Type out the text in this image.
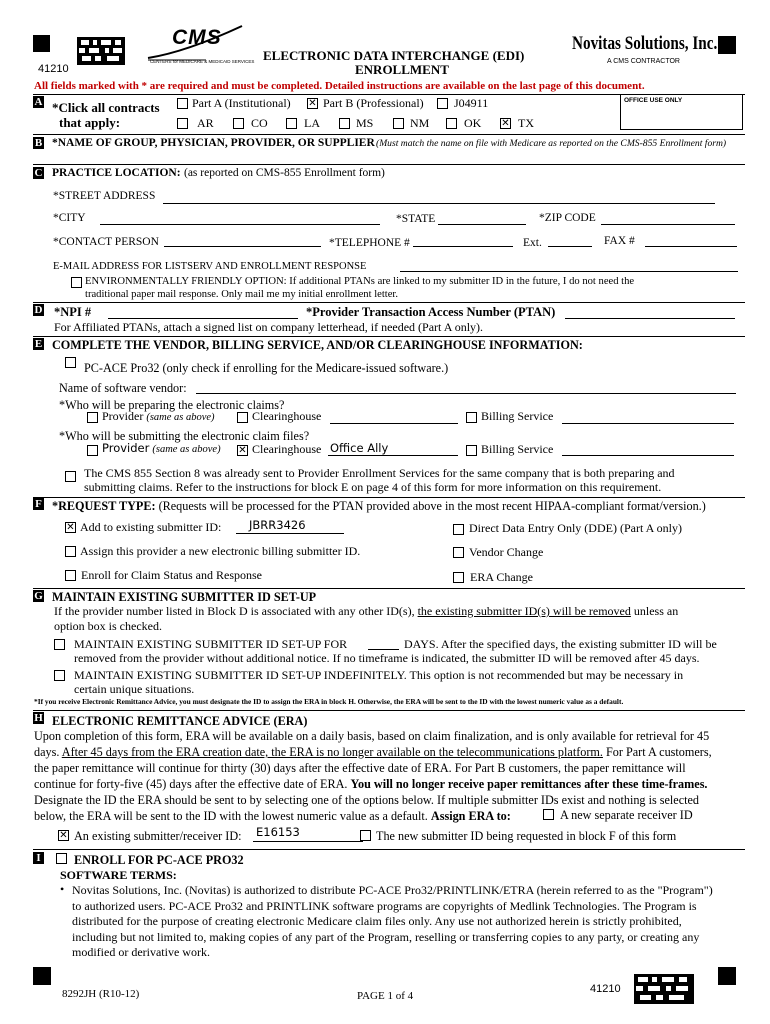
41210
CMS
CENTERS for MEDICARE & MEDICAID SERVICES ELECTRONIC DATA INTERCHANGE (EDI)
ENROLLMENT
Novitas Solutions, Inc.
A CMS CONTRACTOR
All fields marked with * are required and must be completed. Detailed instructions are available on the last page of this document.
A *Click all contracts
that apply:
Part A (Institutional) ✕ Part B (Professional)	J04911	OFFICE USE ONLY
AR	CO	LA	MS	NM	OK ✕ TX
B *NAME OF GROUP, PHYSICIAN, PROVIDER, OR SUPPLIER (Must match the name on file with Medicare as reported on the CMS-855 Enrollment form)
C PRACTICE LOCATION: (as reported on CMS-855 Enrollment form)
*STREET ADDRESS
*CITY	*STATE	*ZIP CODE
*CONTACT PERSON	*TELEPHONE #	Ext.	FAX #
E-MAIL ADDRESS FOR LISTSERV AND ENROLLMENT RESPONSE
ENVIRONMENTALLY FRIENDLY OPTION: If additional PTANs are linked to my submitter ID in the future, I do not need the
traditional paper mail response. Only mail me my initial enrollment letter.
D *NPI #	*Provider Transaction Access Number (PTAN)
For Affiliated PTANs, attach a signed list on company letterhead, if needed (Part A only).
E COMPLETE THE VENDOR, BILLING SERVICE, AND/OR CLEARINGHOUSE INFORMATION:
PC-ACE Pro32 (only check if enrolling for the Medicare-issued software.)
Name of software vendor:
*Who will be preparing the electronic claims?
Provider (same as above)	Clearinghouse	Billing Service
*Who will be submitting the electronic claim files?
Provider (same as above) ✕ Clearinghouse Office Ally	Billing Service
The CMS 855 Section 8 was already sent to Provider Enrollment Services for the same company that is both preparing and
submitting claims. Refer to the instructions for block E on page 4 of this form for more information on this requirement.
F *REQUEST TYPE: (Requests will be processed for the PTAN provided above in the most recent HIPAA-compliant format/version.)
✕ Add to existing submitter ID: JBRR3426	Direct Data Entry Only (DDE) (Part A only)
Assign this provider a new electronic billing submitter ID.	Vendor Change
Enroll for Claim Status and Response	ERA Change
G MAINTAIN EXISTING SUBMITTER ID SET-UP
If the provider number listed in Block D is associated with any other ID(s), the existing submitter ID(s) will be removed unless an
option box is checked.
MAINTAIN EXISTING SUBMITTER ID SET-UP FOR	DAYS. After the specified days, the existing submitter ID will be
removed from the provider without additional notice. If no timeframe is indicated, the submitter ID will be removed after 45 days.
MAINTAIN EXISTING SUBMITTER ID SET-UP INDEFINITELY. This option is not recommended but may be necessary in
certain unique situations.
*If you receive Electronic Remittance Advice, you must designate the ID to assign the ERA in block H. Otherwise, the ERA will be sent to the ID with the lowest numeric value as a default.
H ELECTRONIC REMITTANCE ADVICE (ERA)
Upon completion of this form, ERA will be available on a daily basis, based on claim finalization, and is only available for retrieval for 45
days. After 45 days from the ERA creation date, the ERA is no longer available on the telecommunications platform. For Part A customers,
the paper remittance will continue for thirty (30) days after the effective date of ERA. For Part B customers, the paper remittance will
continue for forty-five (45) days after the effective date of ERA. You will no longer receive paper remittances after these time-frames.
Designate the ID the ERA should be sent to by selecting one of the options below. If multiple submitter IDs exist and nothing is selected
below, the ERA will be sent to the ID with the lowest numeric value as a default. Assign ERA to:	A new separate receiver ID
✕ An existing submitter/receiver ID: E16153	The new submitter ID being requested in block F of this form
I	ENROLL FOR PC-ACE PRO32
SOFTWARE TERMS:
• Novitas Solutions, Inc. (Novitas) is authorized to distribute PC-ACE Pro32/PRINTLINK/ETRA (herein referred to as the "Program")
to authorized users. PC-ACE Pro32 and PRINTLINK software programs are copyrights of Medlink Technologies. The Program is
distributed for the purpose of creating electronic Medicare claim files only. Any use not authorized herein is strictly prohibited,
including but not limited to, making copies of any part of the Program, reselling or transferring copies to any party, or creating any
modified or derivative work.
8292JH (R10-12)	PAGE 1 of 4
41210
